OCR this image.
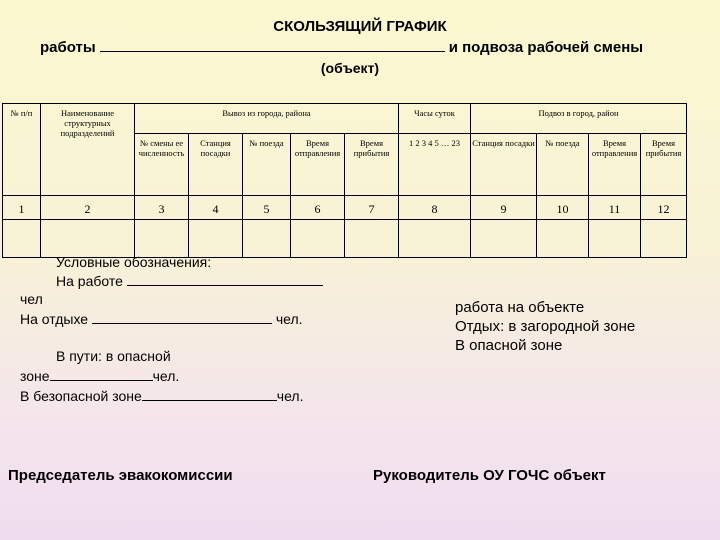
СКОЛЬЗЯЩИЙ ГРАФИК
работы	и подвоза рабочей смены
(объект)
№ п/п	Наименование структурных подразделений	Вывоз из города, района					Часы суток	Подвоз в город, район			
		№ смены ее численность	Станция посадки	№ поезда	Время отправления	Время прибытия	1 2 3 4 5 … 23	Станция посадки	№ поезда	Время отправления	Время прибытия
1	2	3	4	5	6	7	8	9	10	11	12

Условные обозначения:
На работе
чел
На отдыхе	чел.
В пути: в опасной
зоне	чел.
В безопасной зоне	чел.
работа на объекте
Отдых: в загородной зоне
В опасной зоне
Председатель эвакокомиссии	Руководитель ОУ ГОЧС объект
